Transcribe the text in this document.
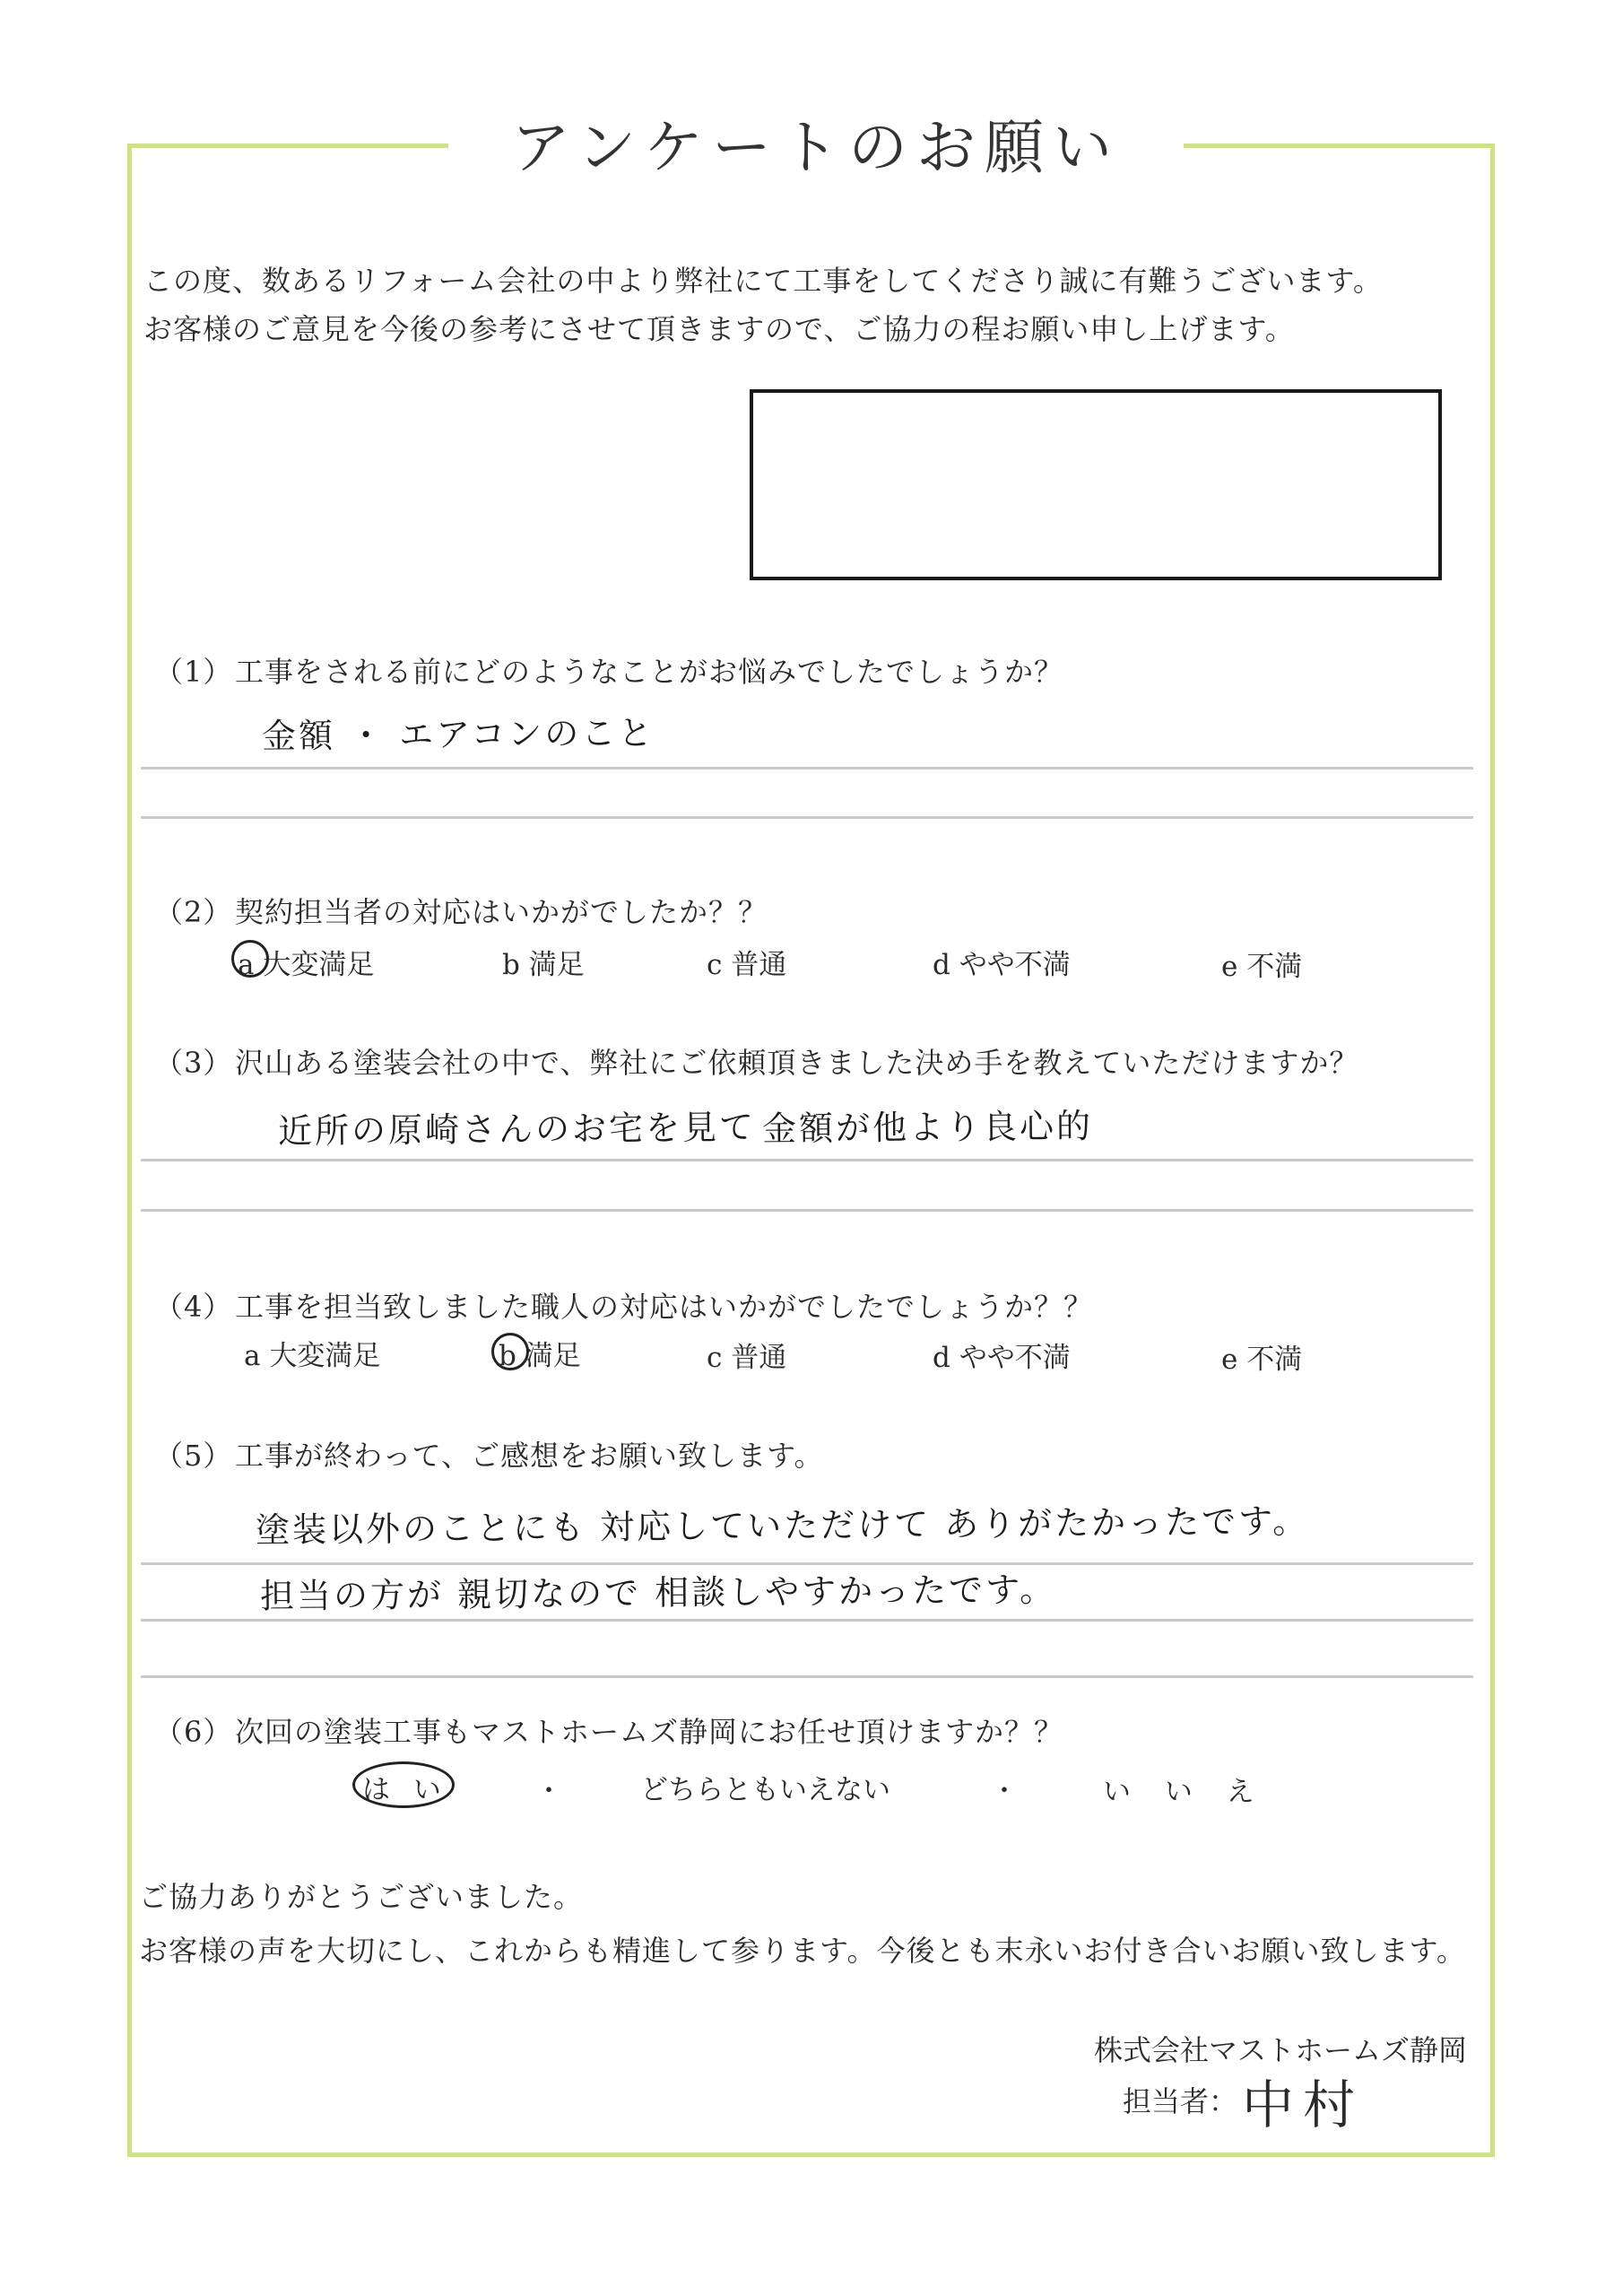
アンケートのお願い
この度、数あるリフォーム会社の中より弊社にて工事をしてくださり誠に有難うございます。
お客様のご意見を今後の参考にさせて頂きますので、ご協力の程お願い申し上げます。
（1）工事をされる前にどのようなことがお悩みでしたでしょうか？
金額 ・ エアコンのこと
（2）契約担当者の対応はいかがでしたか？？
a 大変満足	b 満足	c 普通	d やや不満	e 不満
（3）沢山ある塗装会社の中で、弊社にご依頼頂きました決め手を教えていただけますか？
近所の原崎さんのお宅を見て 金額が他より良心的
（4）工事を担当致しました職人の対応はいかがでしたでしょうか？？
a 大変満足	b 満足	c 普通	d やや不満	e 不満
（5）工事が終わって、ご感想をお願い致します。
塗装以外のことにも 対応していただけて ありがたかったです。
担当の方が 親切なので 相談しやすかったです。
（6）次回の塗装工事もマストホームズ静岡にお任せ頂けますか？？
は い	・	どちらともいえない	・	い い え
ご協力ありがとうございました。
お客様の声を大切にし、これからも精進して参ります。今後とも末永いお付き合いお願い致します。
株式会社マストホームズ静岡
担当者： 中村
